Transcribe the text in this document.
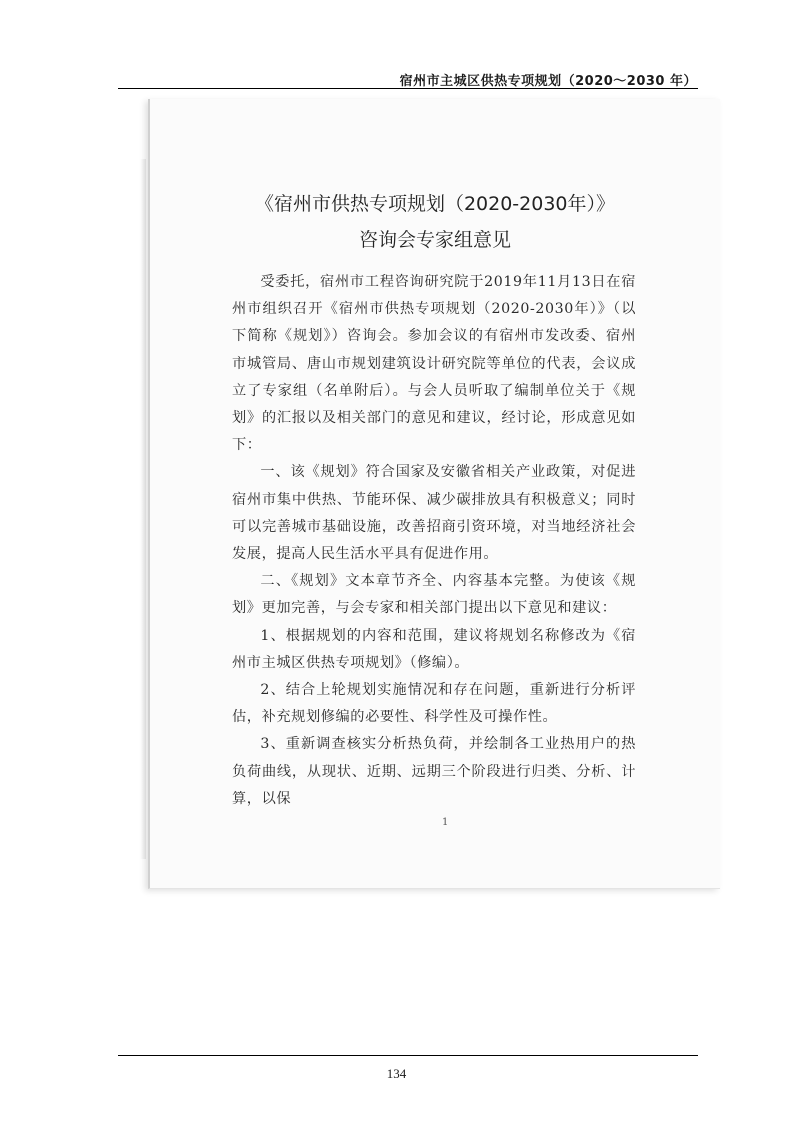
宿州市主城区供热专项规划（2020～2030 年）
《宿州市供热专项规划（2020-2030年）》
咨询会专家组意见

受委托，宿州市工程咨询研究院于2019年11月13日在宿州市组织召开《宿州市供热专项规划（2020-2030年）》（以下简称《规划》）咨询会。参加会议的有宿州市发改委、宿州市城管局、唐山市规划建筑设计研究院等单位的代表，会议成立了专家组（名单附后）。与会人员听取了编制单位关于《规划》的汇报以及相关部门的意见和建议，经讨论，形成意见如下：

一、该《规划》符合国家及安徽省相关产业政策，对促进宿州市集中供热、节能环保、减少碳排放具有积极意义；同时可以完善城市基础设施，改善招商引资环境，对当地经济社会发展，提高人民生活水平具有促进作用。

二、《规划》文本章节齐全、内容基本完整。为使该《规划》更加完善，与会专家和相关部门提出以下意见和建议：

1、根据规划的内容和范围，建议将规划名称修改为《宿州市主城区供热专项规划》（修编）。

2、结合上轮规划实施情况和存在问题，重新进行分析评估，补充规划修编的必要性、科学性及可操作性。

3、重新调查核实分析热负荷，并绘制各工业热用户的热负荷曲线，从现状、近期、远期三个阶段进行归类、分析、计算，以保

1
134
